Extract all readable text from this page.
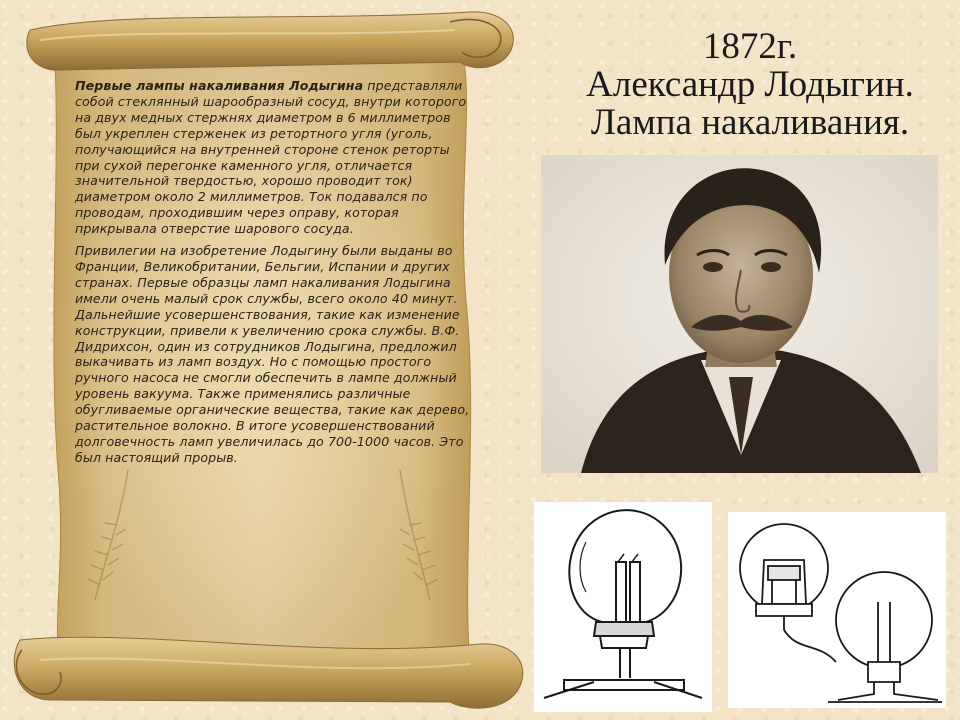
Первые лампы накаливания Лодыгина представляли собой стеклянный шарообразный сосуд, внутри которого на двух медных стержнях диаметром в 6 миллиметров был укреплен стерженек из ретортного угля (уголь, получающийся на внутренней стороне стенок реторты при сухой перегонке каменного угля, отличается значительной твердостью, хорошо проводит ток) диаметром около 2 миллиметров. Ток подавался по проводам, проходившим через оправу, которая прикрывала отверстие шарового сосуда.

Привилегии на изобретение Лодыгину были выданы во Франции, Великобритании, Бельгии, Испании и других странах. Первые образцы ламп накаливания Лодыгина имели очень малый срок службы, всего около 40 минут. Дальнейшие усовершенствования, такие как изменение конструкции, привели к увеличению срока службы. В.Ф. Дидрихсон, один из сотрудников Лодыгина, предложил выкачивать из ламп воздух. Но с помощью простого ручного насоса не смогли обеспечить в лампе должный уровень вакуума. Также применялись различные обугливаемые органические вещества, такие как дерево, растительное волокно. В итоге усовершенствований долговечность ламп увеличилась до 700-1000 часов. Это был настоящий прорыв.

1872г.
Александр Лодыгин.
Лампа накаливания.
